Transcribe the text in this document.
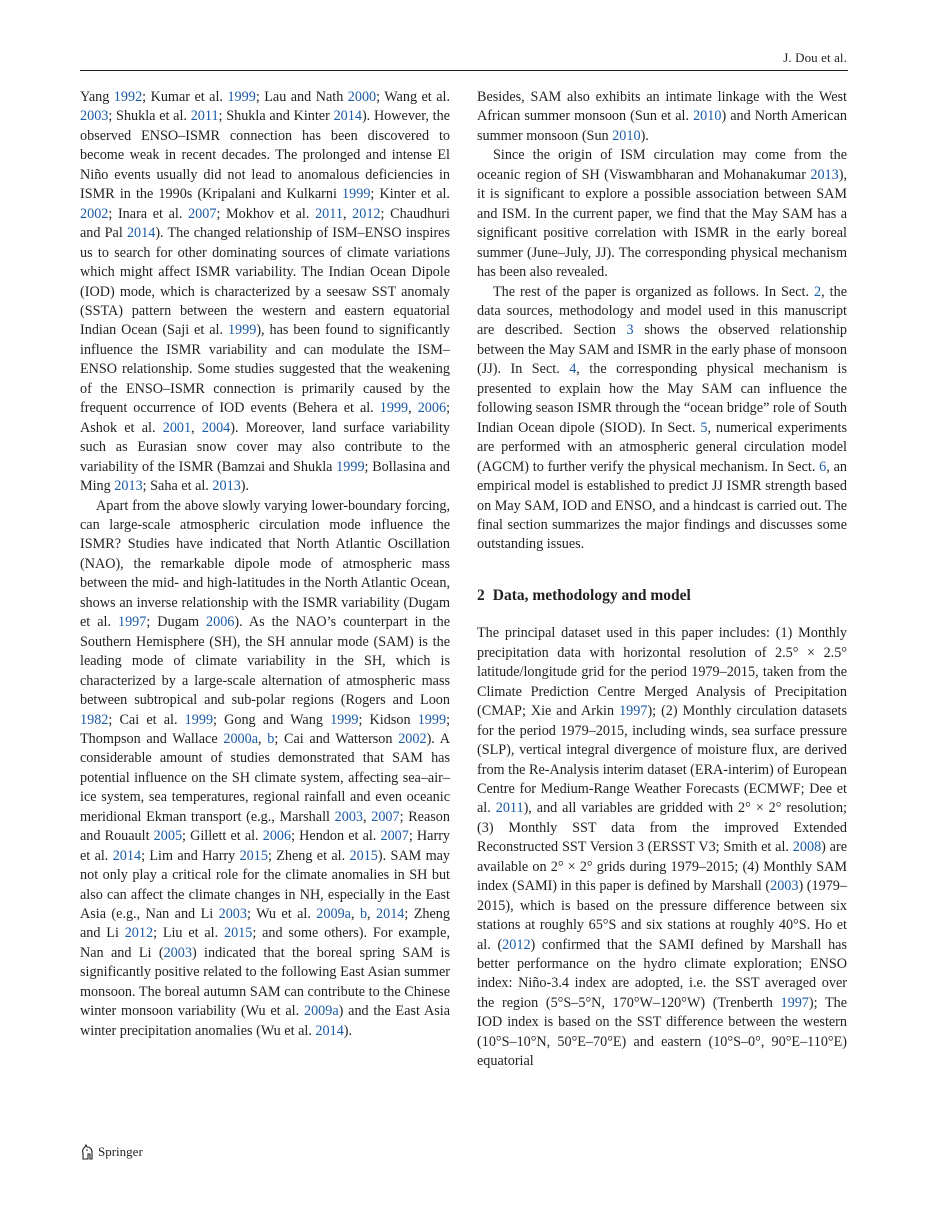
J. Dou et al.

Yang 1992; Kumar et al. 1999; Lau and Nath 2000; Wang et al. 2003; Shukla et al. 2011; Shukla and Kinter 2014). However, the observed ENSO–ISMR connection has been discovered to become weak in recent decades. The prolonged and intense El Niño events usually did not lead to anomalous deficiencies in ISMR in the 1990s (Kripalani and Kulkarni 1999; Kinter et al. 2002; Inara et al. 2007; Mokhov et al. 2011, 2012; Chaudhuri and Pal 2014). The changed relationship of ISM–ENSO inspires us to search for other dominating sources of climate variations which might affect ISMR variability. The Indian Ocean Dipole (IOD) mode, which is characterized by a seesaw SST anomaly (SSTA) pattern between the western and eastern equatorial Indian Ocean (Saji et al. 1999), has been found to significantly influence the ISMR variability and can modulate the ISM–ENSO relationship. Some studies suggested that the weakening of the ENSO–ISMR connection is primarily caused by the frequent occurrence of IOD events (Behera et al. 1999, 2006; Ashok et al. 2001, 2004). Moreover, land surface variability such as Eurasian snow cover may also contribute to the variability of the ISMR (Bamzai and Shukla 1999; Bollasina and Ming 2013; Saha et al. 2013).

Apart from the above slowly varying lower-boundary forcing, can large-scale atmospheric circulation mode influence the ISMR? Studies have indicated that North Atlantic Oscillation (NAO), the remarkable dipole mode of atmospheric mass between the mid- and high-latitudes in the North Atlantic Ocean, shows an inverse relationship with the ISMR variability (Dugam et al. 1997; Dugam 2006). As the NAO’s counterpart in the Southern Hemisphere (SH), the SH annular mode (SAM) is the leading mode of climate variability in the SH, which is characterized by a large-scale alternation of atmospheric mass between subtropical and sub-polar regions (Rogers and Loon 1982; Cai et al. 1999; Gong and Wang 1999; Kidson 1999; Thompson and Wallace 2000a, b; Cai and Watterson 2002). A considerable amount of studies demonstrated that SAM has potential influence on the SH climate system, affecting sea–air–ice system, sea temperatures, regional rainfall and even oceanic meridional Ekman transport (e.g., Marshall 2003, 2007; Reason and Rouault 2005; Gillett et al. 2006; Hendon et al. 2007; Harry et al. 2014; Lim and Harry 2015; Zheng et al. 2015). SAM may not only play a critical role for the climate anomalies in SH but also can affect the climate changes in NH, especially in the East Asia (e.g., Nan and Li 2003; Wu et al. 2009a, b, 2014; Zheng and Li 2012; Liu et al. 2015; and some others). For example, Nan and Li (2003) indicated that the boreal spring SAM is significantly positive related to the following East Asian summer monsoon. The boreal autumn SAM can contribute to the Chinese winter monsoon variability (Wu et al. 2009a) and the East Asia winter precipitation anomalies (Wu et al. 2014).

Besides, SAM also exhibits an intimate linkage with the West African summer monsoon (Sun et al. 2010) and North American summer monsoon (Sun 2010).

Since the origin of ISM circulation may come from the oceanic region of SH (Viswambharan and Mohanakumar 2013), it is significant to explore a possible association between SAM and ISM. In the current paper, we find that the May SAM has a significant positive correlation with ISMR in the early boreal summer (June–July, JJ). The corresponding physical mechanism has been also revealed.

The rest of the paper is organized as follows. In Sect. 2, the data sources, methodology and model used in this manuscript are described. Section 3 shows the observed relationship between the May SAM and ISMR in the early phase of monsoon (JJ). In Sect. 4, the corresponding physical mechanism is presented to explain how the May SAM can influence the following season ISMR through the “ocean bridge” role of South Indian Ocean dipole (SIOD). In Sect. 5, numerical experiments are performed with an atmospheric general circulation model (AGCM) to further verify the physical mechanism. In Sect. 6, an empirical model is established to predict JJ ISMR strength based on May SAM, IOD and ENSO, and a hindcast is carried out. The final section summarizes the major findings and discusses some outstanding issues.

2 Data, methodology and model

The principal dataset used in this paper includes: (1) Monthly precipitation data with horizontal resolution of 2.5° × 2.5° latitude/longitude grid for the period 1979–2015, taken from the Climate Prediction Centre Merged Analysis of Precipitation (CMAP; Xie and Arkin 1997); (2) Monthly circulation datasets for the period 1979–2015, including winds, sea surface pressure (SLP), vertical integral divergence of moisture flux, are derived from the Re-Analysis interim dataset (ERA-interim) of European Centre for Medium-Range Weather Forecasts (ECMWF; Dee et al. 2011), and all variables are gridded with 2° × 2° resolution; (3) Monthly SST data from the improved Extended Reconstructed SST Version 3 (ERSST V3; Smith et al. 2008) are available on 2° × 2° grids during 1979–2015; (4) Monthly SAM index (SAMI) in this paper is defined by Marshall (2003) (1979–2015), which is based on the pressure difference between six stations at roughly 65°S and six stations at roughly 40°S. Ho et al. (2012) confirmed that the SAMI defined by Marshall has better performance on the hydro climate exploration; ENSO index: Niño-3.4 index are adopted, i.e. the SST averaged over the region (5°S–5°N, 170°W–120°W) (Trenberth 1997); The IOD index is based on the SST difference between the western (10°S–10°N, 50°E–70°E) and eastern (10°S–0°, 90°E–110°E) equatorial

Springer
